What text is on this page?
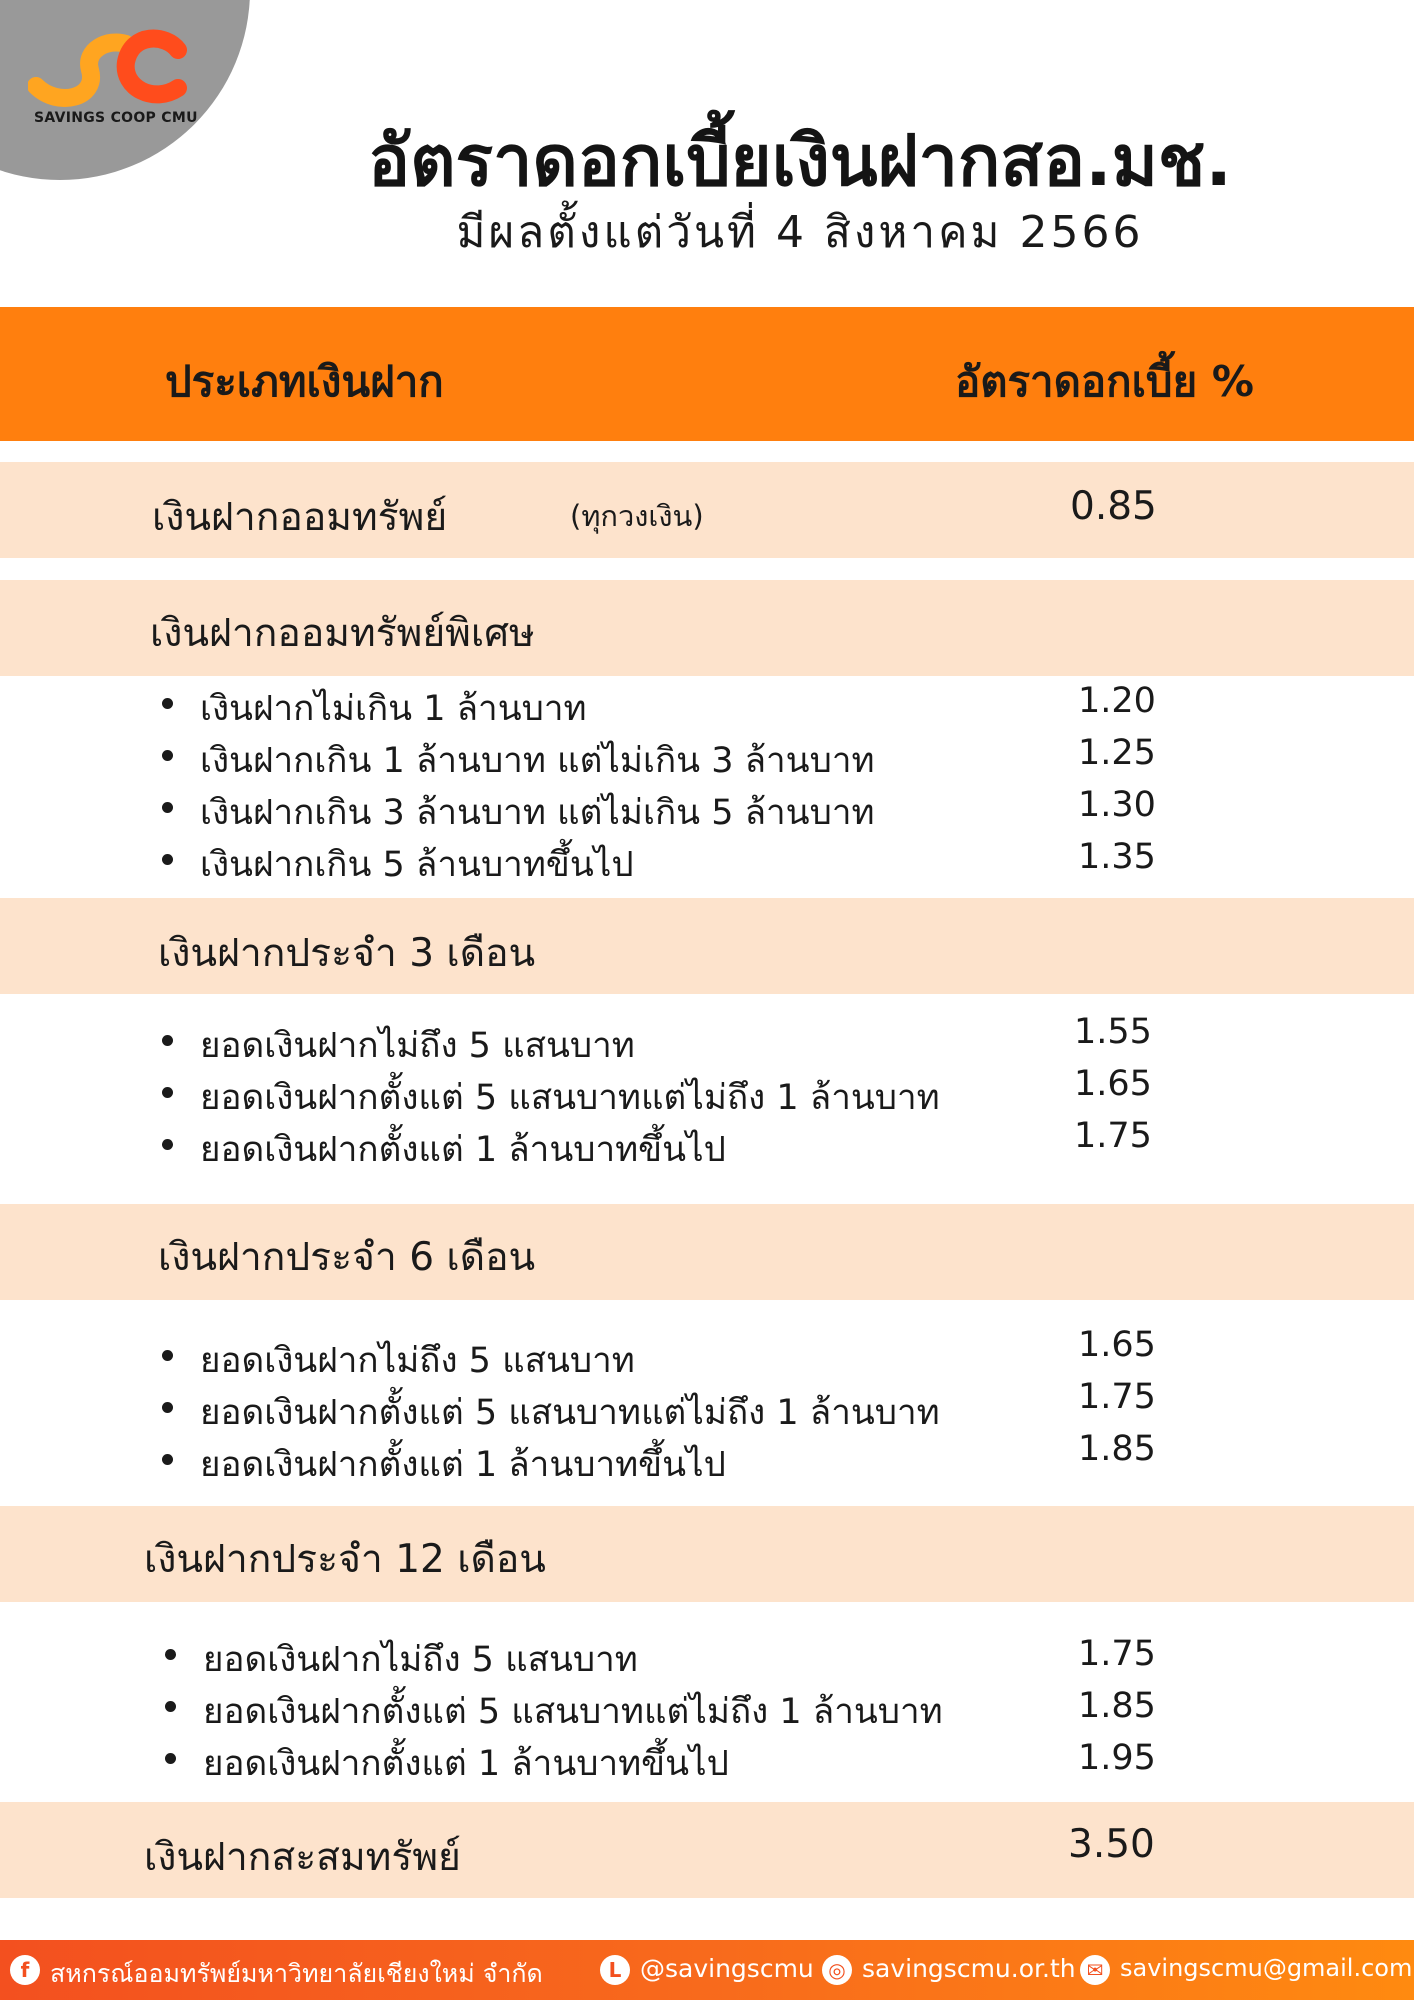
SAVINGS COOP CMU
อัตราดอกเบี้ยเงินฝากสอ.มช.
มีผลตั้งแต่วันที่ 4 สิงหาคม 2566
ประเภทเงินฝาก	อัตราดอกเบี้ย %
เงินฝากออมทรัพย์	(ทุกวงเงิน)	0.85
เงินฝากออมทรัพย์พิเศษ
เงินฝากไม่เกิน 1 ล้านบาท	1.20
เงินฝากเกิน 1 ล้านบาท แต่ไม่เกิน 3 ล้านบาท	1.25
เงินฝากเกิน 3 ล้านบาท แต่ไม่เกิน 5 ล้านบาท	1.30
เงินฝากเกิน 5 ล้านบาทขึ้นไป	1.35
เงินฝากประจำ 3 เดือน
ยอดเงินฝากไม่ถึง 5 แสนบาท	1.55
ยอดเงินฝากตั้งแต่ 5 แสนบาทแต่ไม่ถึง 1 ล้านบาท	1.65
ยอดเงินฝากตั้งแต่ 1 ล้านบาทขึ้นไป	1.75
เงินฝากประจำ 6 เดือน
ยอดเงินฝากไม่ถึง 5 แสนบาท	1.65
ยอดเงินฝากตั้งแต่ 5 แสนบาทแต่ไม่ถึง 1 ล้านบาท	1.75
ยอดเงินฝากตั้งแต่ 1 ล้านบาทขึ้นไป	1.85
เงินฝากประจำ 12 เดือน
ยอดเงินฝากไม่ถึง 5 แสนบาท	1.75
ยอดเงินฝากตั้งแต่ 5 แสนบาทแต่ไม่ถึง 1 ล้านบาท	1.85
ยอดเงินฝากตั้งแต่ 1 ล้านบาทขึ้นไป	1.95
เงินฝากสะสมทรัพย์	3.50
f สหกรณ์ออมทรัพย์มหาวิทยาลัยเชียงใหม่ จำกัด	L @savingscmu ◎ savingscmu.or.th ✉ savingscmu@gmail.com
